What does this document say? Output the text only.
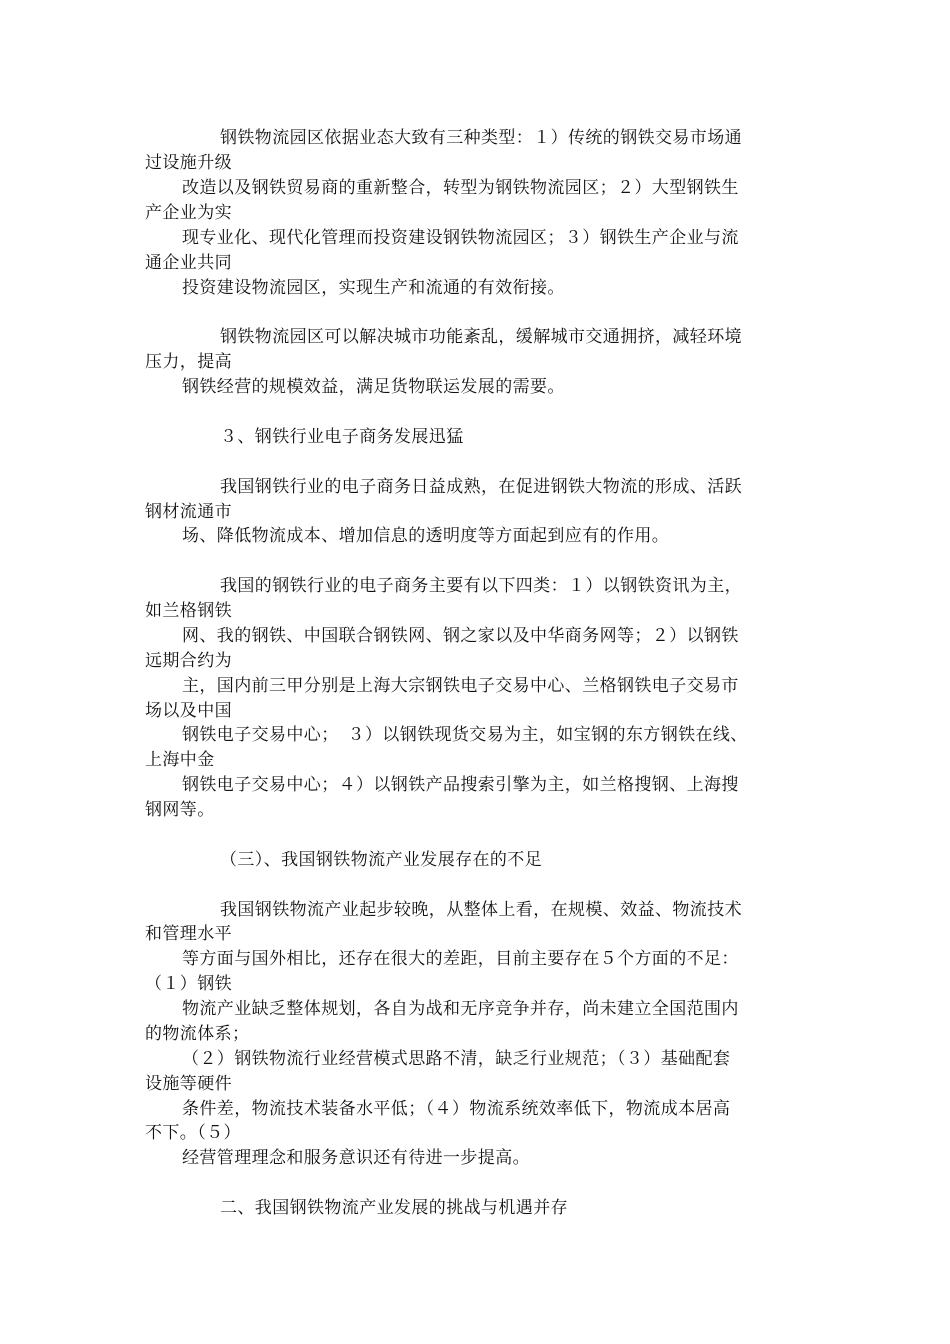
钢铁物流园区依据业态大致有三种类型：１）传统的钢铁交易市场通
过设施升级
改造以及钢铁贸易商的重新整合，转型为钢铁物流园区；２）大型钢铁生
产企业为实
现专业化、现代化管理而投资建设钢铁物流园区；３）钢铁生产企业与流
通企业共同
投资建设物流园区，实现生产和流通的有效衔接。
钢铁物流园区可以解决城市功能紊乱，缓解城市交通拥挤，减轻环境
压力，提高
钢铁经营的规模效益，满足货物联运发展的需要。
３、钢铁行业电子商务发展迅猛
我国钢铁行业的电子商务日益成熟，在促进钢铁大物流的形成、活跃
钢材流通市
场、降低物流成本、增加信息的透明度等方面起到应有的作用。
我国的钢铁行业的电子商务主要有以下四类：１）以钢铁资讯为主，
如兰格钢铁
网、我的钢铁、中国联合钢铁网、钢之家以及中华商务网等；２）以钢铁
远期合约为
主，国内前三甲分别是上海大宗钢铁电子交易中心、兰格钢铁电子交易市
场以及中国
钢铁电子交易中心；　３）以钢铁现货交易为主，如宝钢的东方钢铁在线、
上海中金
钢铁电子交易中心；４）以钢铁产品搜索引擎为主，如兰格搜钢、上海搜
钢网等。
（三）、我国钢铁物流产业发展存在的不足
我国钢铁物流产业起步较晚，从整体上看，在规模、效益、物流技术
和管理水平
等方面与国外相比，还存在很大的差距，目前主要存在５个方面的不足：
（１）钢铁
物流产业缺乏整体规划，各自为战和无序竞争并存，尚未建立全国范围内
的物流体系；
（２）钢铁物流行业经营模式思路不清，缺乏行业规范；（３）基础配套
设施等硬件
条件差，物流技术装备水平低；（４）物流系统效率低下，物流成本居高
不下。（５）
经营管理理念和服务意识还有待进一步提高。
二、我国钢铁物流产业发展的挑战与机遇并存
